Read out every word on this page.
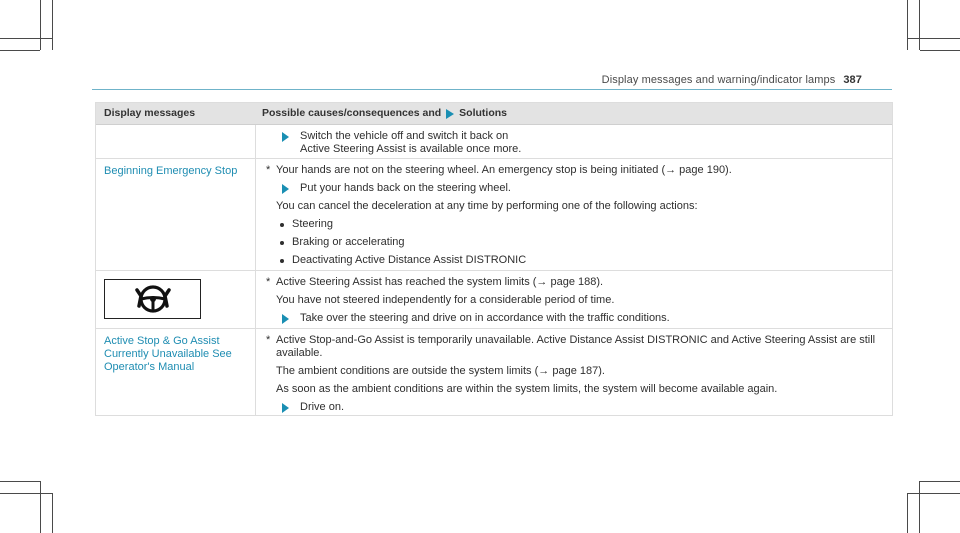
Display messages and warning/indicator lamps 387
Display messages	Possible causes/consequences and Solutions
Switch the vehicle off and switch it back on
Active Steering Assist is available once more.
Beginning Emergency Stop	* Your hands are not on the steering wheel. An emergency stop is being initiated (→ page 190).
Put your hands back on the steering wheel.
You can cancel the deceleration at any time by performing one of the following actions:
Steering
Braking or accelerating
Deactivating Active Distance Assist DISTRONIC
* Active Steering Assist has reached the system limits (→ page 188).
You have not steered independently for a considerable period of time.
Take over the steering and drive on in accordance with the traffic conditions.
Active Stop & Go Assist Currently Unavailable See Operator's Manual
* Active Stop-and-Go Assist is temporarily unavailable. Active Distance Assist DISTRONIC and Active Steering Assist are still available.
The ambient conditions are outside the system limits (→ page 187).
As soon as the ambient conditions are within the system limits, the system will become available again.
Drive on.
